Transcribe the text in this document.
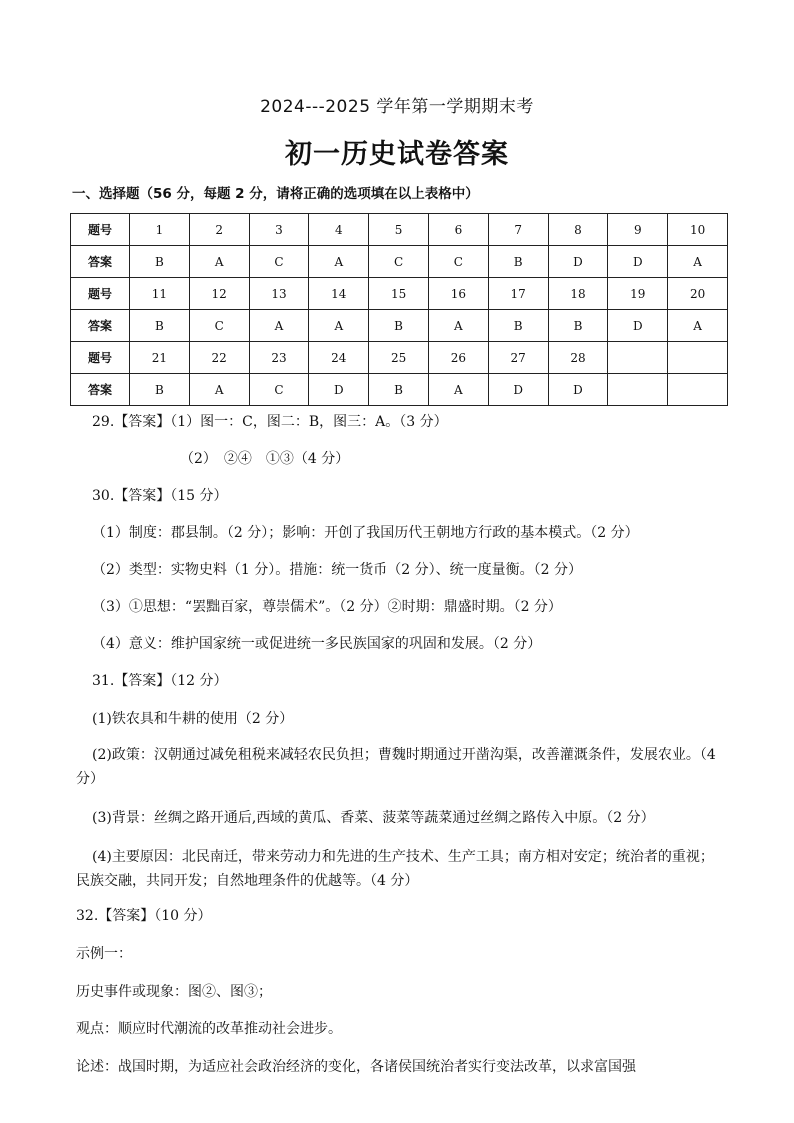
2024---2025 学年第一学期期末考
初一历史试卷答案
一、选择题（56 分，每题 2 分，请将正确的选项填在以上表格中）
题号	1	2	3	4	5	6	7	8	9	10
答案	B	A	C	A	C	C	B	D	D	A
题号	11	12	13	14	15	16	17	18	19	20
答案	B	C	A	A	B	A	B	B	D	A
题号	21	22	23	24	25	26	27	28		
答案	B	A	C	D	B	A	D	D		
29.【答案】（1）图一：C，图二：B，图三：A。（3 分）
（2）　②④　①③（4 分）
30.【答案】（15 分）
（1）制度：郡县制。（2 分）；影响：开创了我国历代王朝地方行政的基本模式。（2 分）
（2）类型：实物史料（1 分）。措施：统一货币（2 分）、统一度量衡。（2 分）
（3）①思想：“罢黜百家，尊崇儒术”。（2 分）②时期：鼎盛时期。（2 分）
（4）意义：维护国家统一或促进统一多民族国家的巩固和发展。（2 分）
31.【答案】（12 分）
(1)铁农具和牛耕的使用（2 分）
(2)政策：汉朝通过减免租税来减轻农民负担；曹魏时期通过开凿沟渠，改善灌溉条件，发展农业。（4 分）
(3)背景：丝绸之路开通后,西域的黄瓜、香菜、菠菜等蔬菜通过丝绸之路传入中原。（2 分）
(4)主要原因：北民南迁，带来劳动力和先进的生产技术、生产工具；南方相对安定；统治者的重视；民族交融，共同开发；自然地理条件的优越等。（4 分）
32.【答案】（10 分）
示例一：
历史事件或现象：图②、图③；
观点：顺应时代潮流的改革推动社会进步。
论述：战国时期，为适应社会政治经济的变化，各诸侯国统治者实行变法改革，以求富国强
